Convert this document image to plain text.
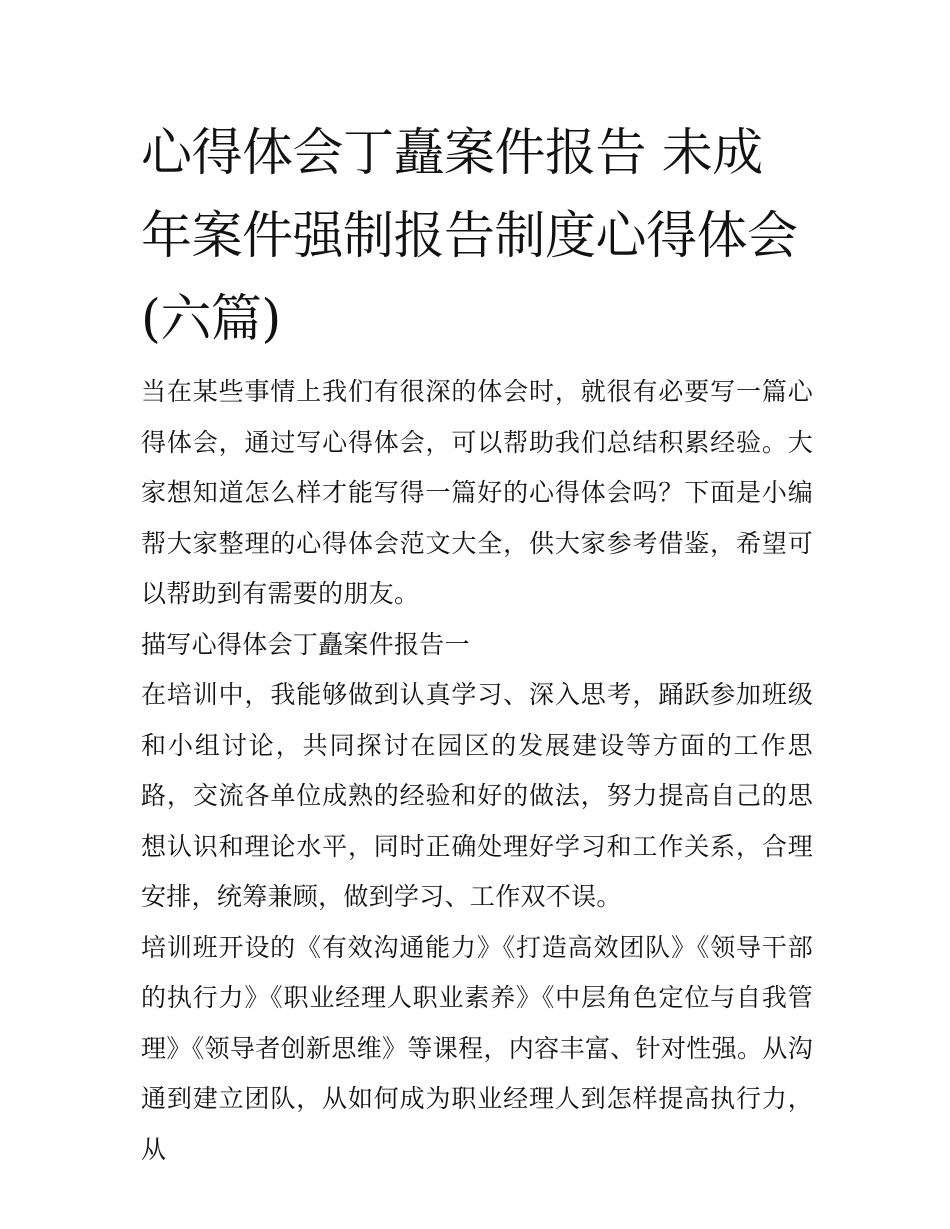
心得体会丁矗案件报告 未成年案件强制报告制度心得体会(六篇)

当在某些事情上我们有很深的体会时，就很有必要写一篇心得体会，通过写心得体会，可以帮助我们总结积累经验。大家想知道怎么样才能写得一篇好的心得体会吗？下面是小编帮大家整理的心得体会范文大全，供大家参考借鉴，希望可以帮助到有需要的朋友。

描写心得体会丁矗案件报告一

在培训中，我能够做到认真学习、深入思考，踊跃参加班级和小组讨论，共同探讨在园区的发展建设等方面的工作思路，交流各单位成熟的经验和好的做法，努力提高自己的思想认识和理论水平，同时正确处理好学习和工作关系，合理安排，统筹兼顾，做到学习、工作双不误。

培训班开设的《有效沟通能力》《打造高效团队》《领导干部的执行力》《职业经理人职业素养》《中层角色定位与自我管理》《领导者创新思维》等课程，内容丰富、针对性强。从沟通到建立团队，从如何成为职业经理人到怎样提高执行力，从
